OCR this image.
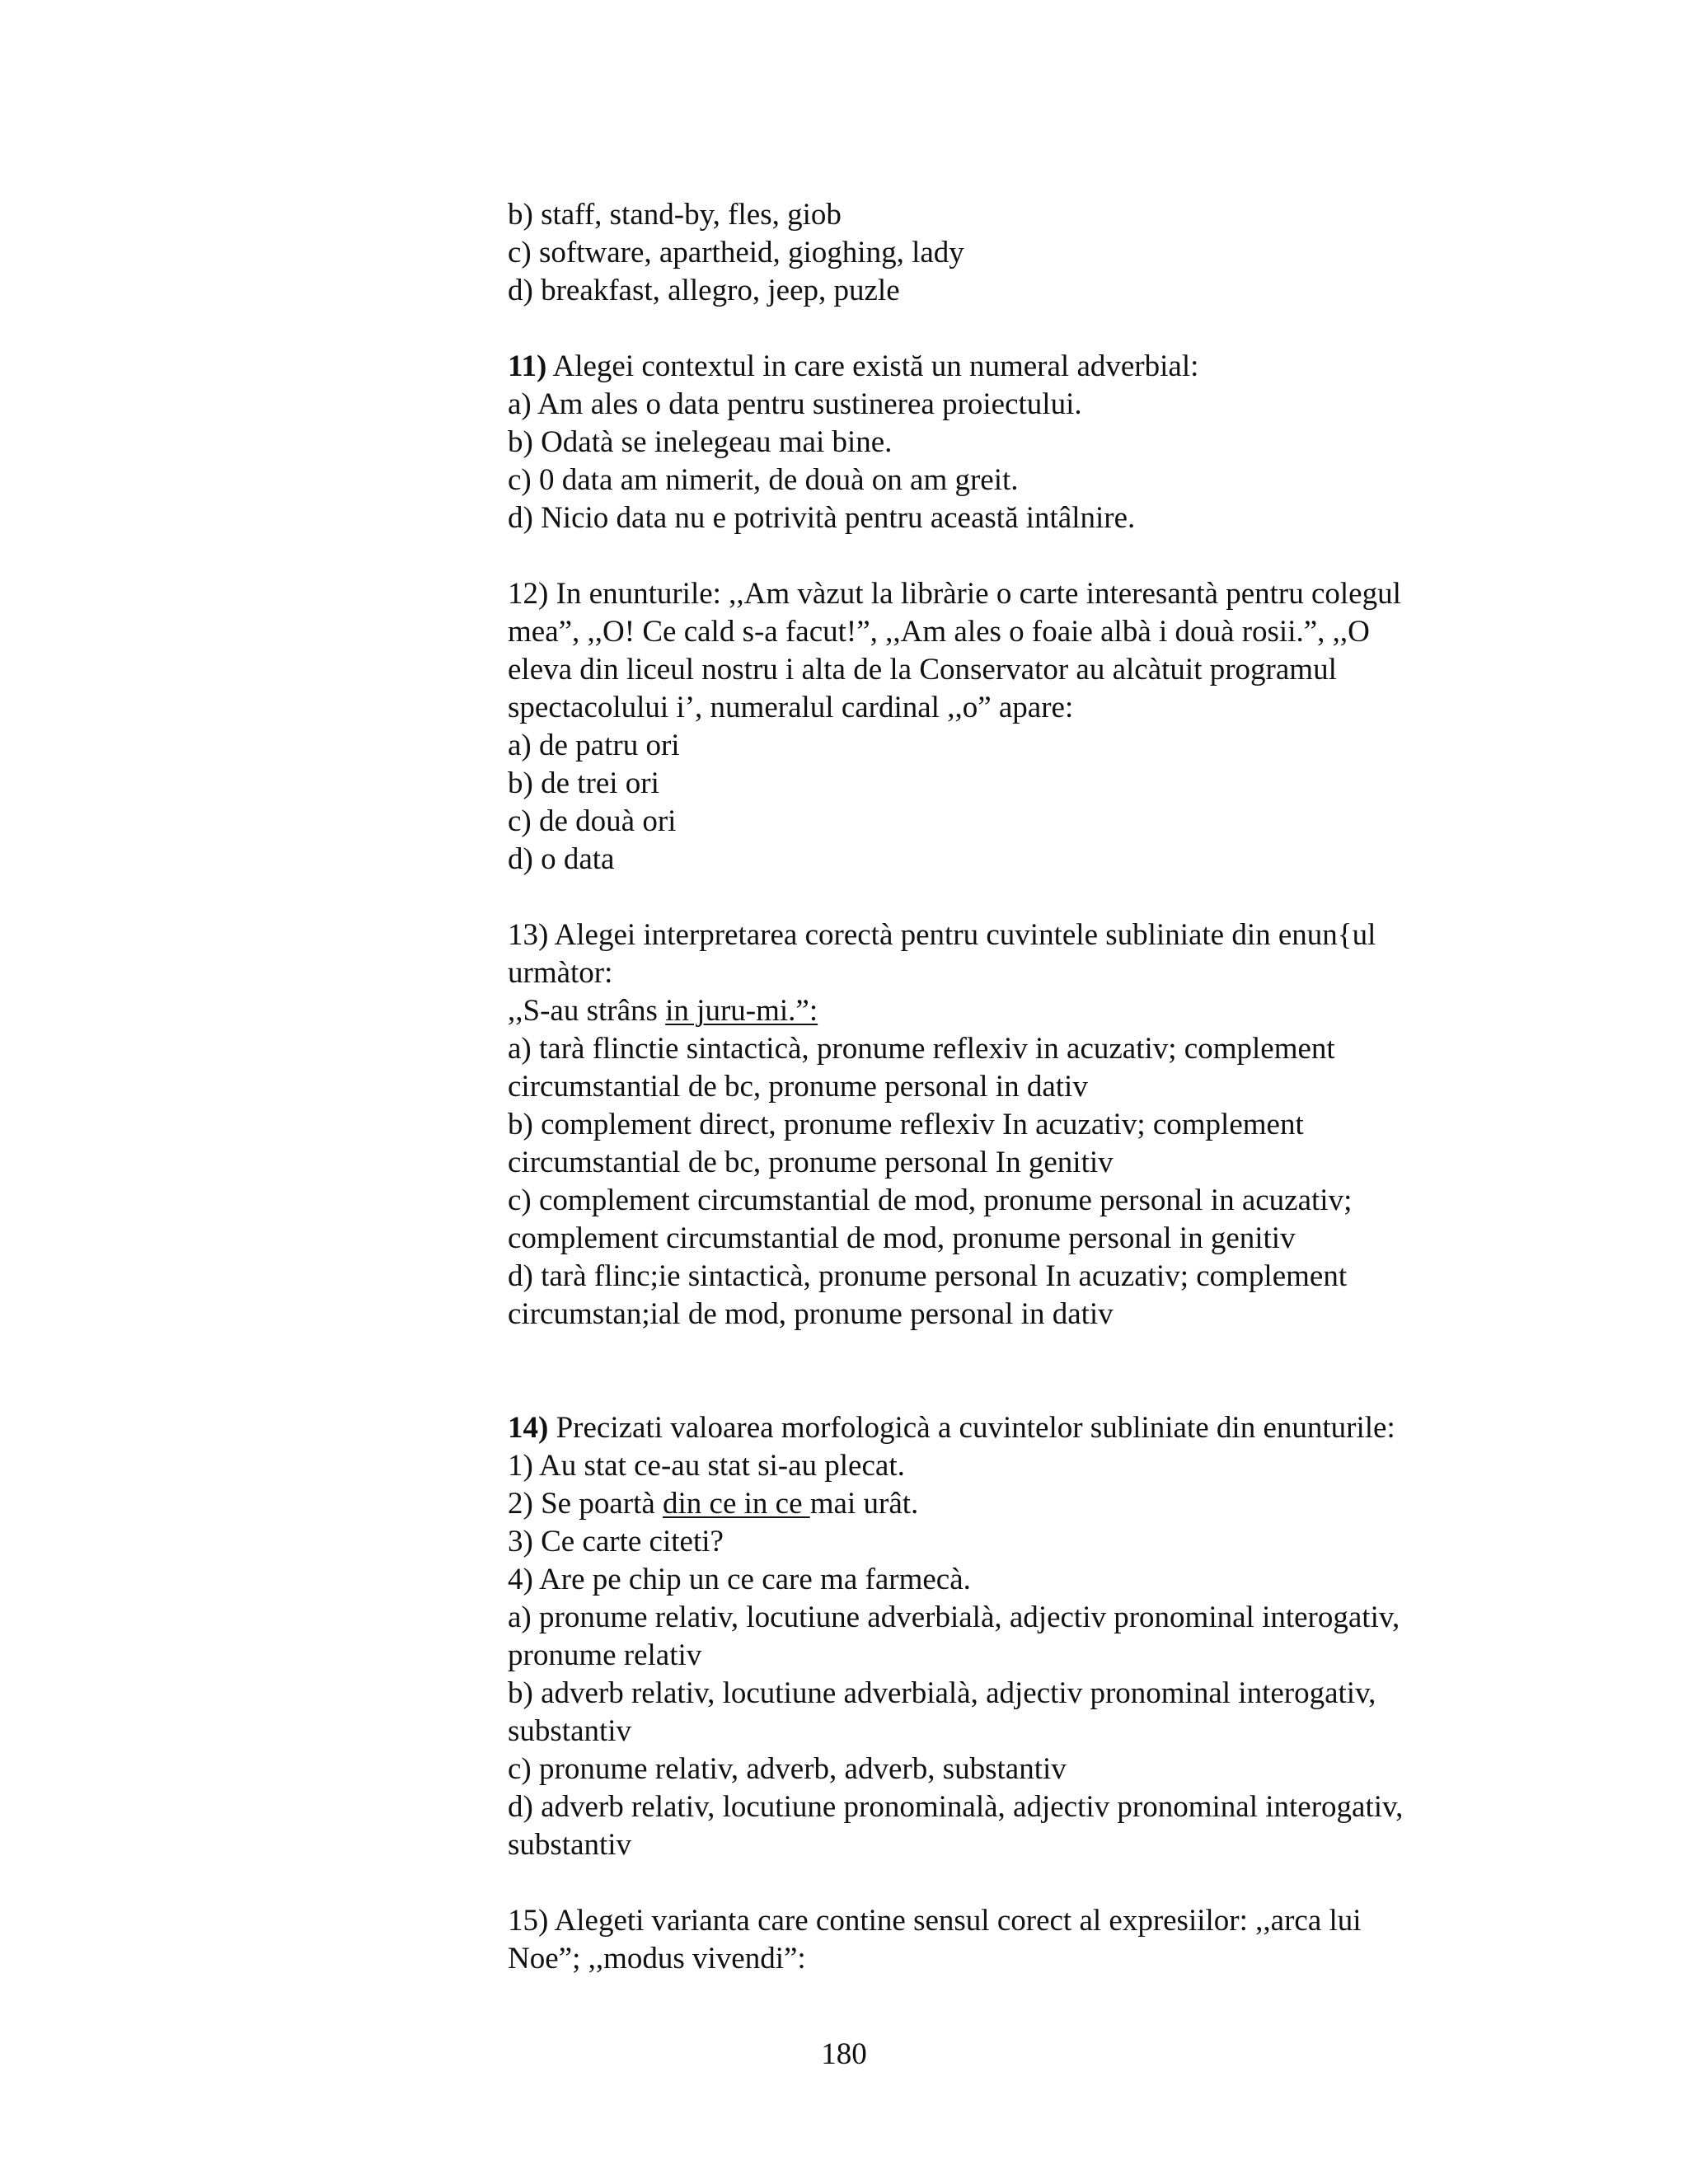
b) staff, stand-by, fles, giob
c) software, apartheid, gioghing, lady
d) breakfast, allegro, jeep, puzle
11) Alegei contextul in care există un numeral adverbial:
a) Am ales o data pentru sustinerea proiectului.
b) Odatà se inelegeau mai bine.
c) 0 data am nimerit, de douà on am greit.
d) Nicio data nu e potrività pentru această intâlnire.
12) In enunturile: ,,Am vàzut la libràrie o carte interesantà pentru colegul
mea”, ,,O! Ce cald s-a facut!”, ,,Am ales o foaie albà i douà rosii.”, ,,O
eleva din liceul nostru i alta de la Conservator au alcàtuit programul
spectacolului i’, numeralul cardinal ,,o” apare:
a) de patru ori
b) de trei ori
c) de douà ori
d) o data
13) Alegei interpretarea corectà pentru cuvintele subliniate din enun{ul
urmàtor:
,,S-au strâns in juru-mi.”:
a) tarà flinctie sintacticà, pronume reflexiv in acuzativ; complement
circumstantial de bc, pronume personal in dativ
b) complement direct, pronume reflexiv In acuzativ; complement
circumstantial de bc, pronume personal In genitiv
c) complement circumstantial de mod, pronume personal in acuzativ;
complement circumstantial de mod, pronume personal in genitiv
d) tarà flinc;ie sintacticà, pronume personal In acuzativ; complement
circumstan;ial de mod, pronume personal in dativ
14) Precizati valoarea morfologicà a cuvintelor subliniate din enunturile:
1) Au stat ce-au stat si-au plecat.
2) Se poartà din ce in ce mai urât.
3) Ce carte citeti?
4) Are pe chip un ce care ma farmecà.
a) pronume relativ, locutiune adverbialà, adjectiv pronominal interogativ,
pronume relativ
b) adverb relativ, locutiune adverbialà, adjectiv pronominal interogativ,
substantiv
c) pronume relativ, adverb, adverb, substantiv
d) adverb relativ, locutiune pronominalà, adjectiv pronominal interogativ,
substantiv
15) Alegeti varianta care contine sensul corect al expresiilor: ,,arca lui
Noe”; ,,modus vivendi”:
180
